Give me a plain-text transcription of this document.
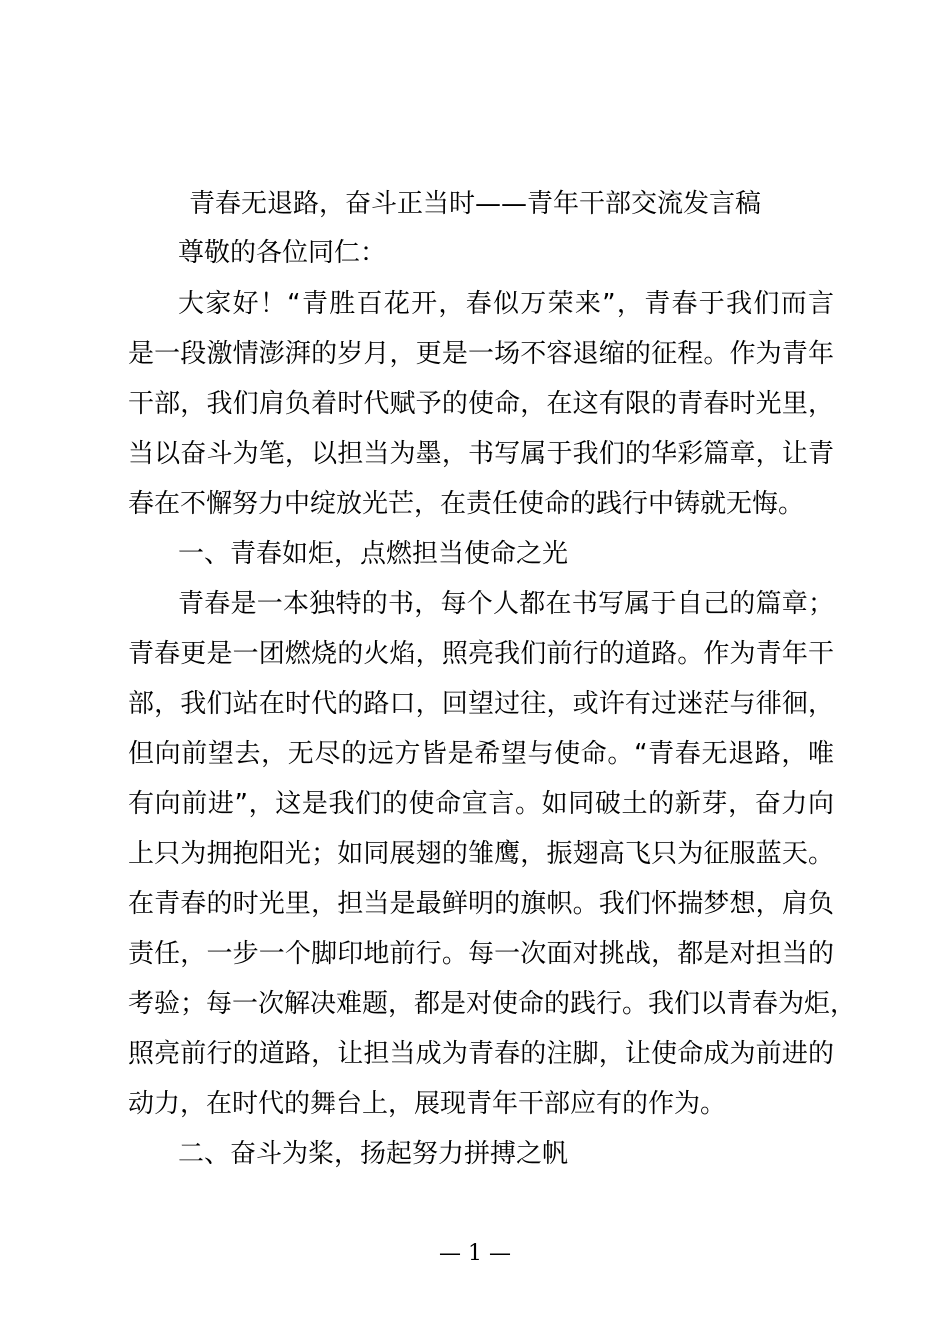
青春无退路，奋斗正当时——青年干部交流发言稿
尊敬的各位同仁：
大家好！“青胜百花开，春似万荣来”，青春于我们而言
是一段激情澎湃的岁月，更是一场不容退缩的征程。作为青年
干部，我们肩负着时代赋予的使命，在这有限的青春时光里，
当以奋斗为笔，以担当为墨，书写属于我们的华彩篇章，让青
春在不懈努力中绽放光芒，在责任使命的践行中铸就无悔。
一、青春如炬，点燃担当使命之光
青春是一本独特的书，每个人都在书写属于自己的篇章；
青春更是一团燃烧的火焰，照亮我们前行的道路。作为青年干
部，我们站在时代的路口，回望过往，或许有过迷茫与徘徊，
但向前望去，无尽的远方皆是希望与使命。“青春无退路，唯
有向前进”，这是我们的使命宣言。如同破土的新芽，奋力向
上只为拥抱阳光；如同展翅的雏鹰，振翅高飞只为征服蓝天。
在青春的时光里，担当是最鲜明的旗帜。我们怀揣梦想，肩负
责任，一步一个脚印地前行。每一次面对挑战，都是对担当的
考验；每一次解决难题，都是对使命的践行。我们以青春为炬，
照亮前行的道路，让担当成为青春的注脚，让使命成为前进的
动力，在时代的舞台上，展现青年干部应有的作为。
二、奋斗为桨，扬起努力拼搏之帆
— 1 —
